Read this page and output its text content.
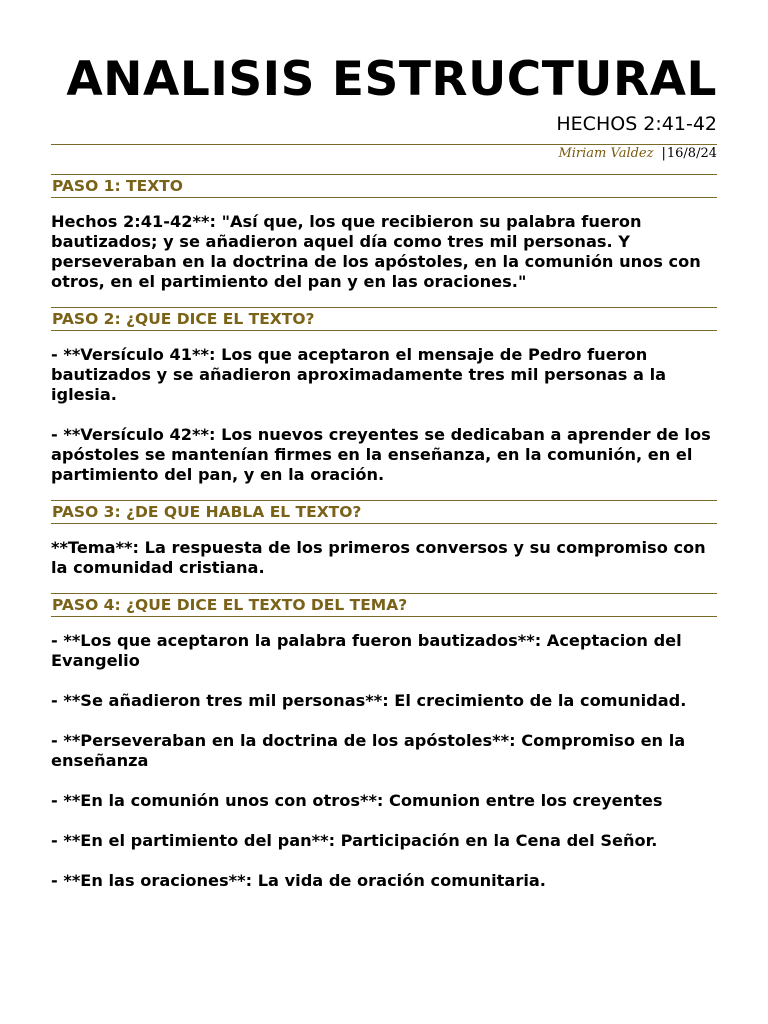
ANALISIS ESTRUCTURAL
HECHOS 2:41-42
Miriam Valdez |16/8/24
PASO 1: TEXTO

Hechos 2:41-42**: "Así que, los que recibieron su palabra fueron bautizados; y se añadieron aquel día como tres mil personas. Y perseveraban en la doctrina de los apóstoles, en la comunión unos con otros, en el partimiento del pan y en las oraciones."

PASO 2: ¿QUE DICE EL TEXTO?

- **Versículo 41**: Los que aceptaron el mensaje de Pedro fueron bautizados y se añadieron aproximadamente tres mil personas a la iglesia.

- **Versículo 42**: Los nuevos creyentes se dedicaban a aprender de los apóstoles se mantenían firmes en la enseñanza, en la comunión, en el partimiento del pan, y en la oración.

PASO 3: ¿DE QUE HABLA EL TEXTO?

**Tema**: La respuesta de los primeros conversos y su compromiso con la comunidad cristiana.

PASO 4: ¿QUE DICE EL TEXTO DEL TEMA?

- **Los que aceptaron la palabra fueron bautizados**: Aceptacion del Evangelio

- **Se añadieron tres mil personas**: El crecimiento de la comunidad.

- **Perseveraban en la doctrina de los apóstoles**: Compromiso en la enseñanza

- **En la comunión unos con otros**: Comunion entre los creyentes

- **En el partimiento del pan**: Participación en la Cena del Señor.

- **En las oraciones**: La vida de oración comunitaria.
